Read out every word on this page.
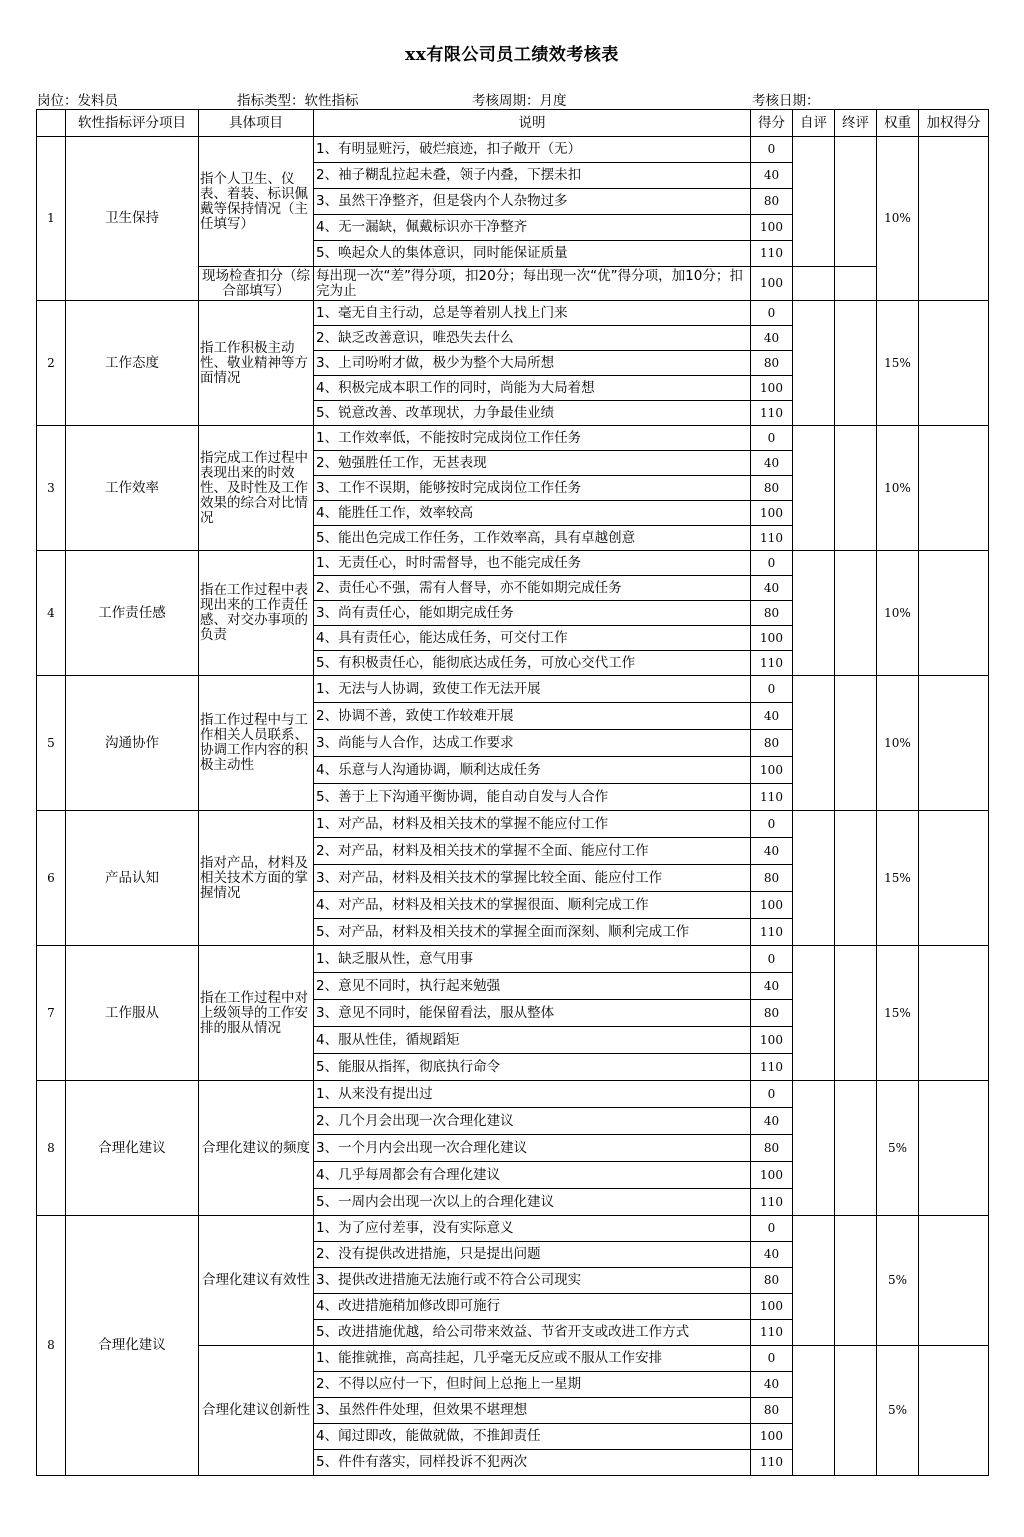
xx有限公司员工绩效考核表
岗位：发料员	指标类型：软性指标	考核周期：月度	考核日期：
	软性指标评分项目	具体项目	说明	得分	自评	终评	权重	加权得分
1	卫生保持	指个人卫生、仪表、着装、标识佩戴等保持情况（主任填写）	1、有明显赃污，破烂痕迹，扣子敞开（无）	0			10%	
			2、袖子糊乱拉起未叠，领子内叠，下摆未扣	40				
			3、虽然干净整齐，但是袋内个人杂物过多	80				
			4、无一漏缺，佩戴标识亦干净整齐	100				
			5、唤起众人的集体意识，同时能保证质量	110				
		现场检查扣分（综合部填写）	每出现一次“差”得分项，扣20分；每出现一次“优”得分项，加10分；扣完为止	100				
2	工作态度	指工作积极主动性、敬业精神等方面情况	1、毫无自主行动，总是等着别人找上门来	0			15%	
			2、缺乏改善意识，唯恐失去什么	40				
			3、上司吩咐才做，极少为整个大局所想	80				
			4、积极完成本职工作的同时，尚能为大局着想	100				
			5、锐意改善、改革现状，力争最佳业绩	110				
3	工作效率	指完成工作过程中表现出来的时效性、及时性及工作效果的综合对比情况	1、工作效率低，不能按时完成岗位工作任务	0			10%	
			2、勉强胜任工作，无甚表现	40				
			3、工作不误期，能够按时完成岗位工作任务	80				
			4、能胜任工作，效率较高	100				
			5、能出色完成工作任务，工作效率高，具有卓越创意	110				
4	工作责任感	指在工作过程中表现出来的工作责任感、对交办事项的负责	1、无责任心，时时需督导，也不能完成任务	0			10%	
			2、责任心不强，需有人督导，亦不能如期完成任务	40				
			3、尚有责任心，能如期完成任务	80				
			4、具有责任心，能达成任务，可交付工作	100				
			5、有积极责任心，能彻底达成任务，可放心交代工作	110				
5	沟通协作	指工作过程中与工作相关人员联系、协调工作内容的积极主动性	1、无法与人协调，致使工作无法开展	0			10%	
			2、协调不善，致使工作较难开展	40				
			3、尚能与人合作，达成工作要求	80				
			4、乐意与人沟通协调，顺利达成任务	100				
			5、善于上下沟通平衡协调，能自动自发与人合作	110				
6	产品认知	指对产品，材料及相关技术方面的掌握情况	1、对产品，材料及相关技术的掌握不能应付工作	0			15%	
			2、对产品，材料及相关技术的掌握不全面、能应付工作	40				
			3、对产品，材料及相关技术的掌握比较全面、能应付工作	80				
			4、对产品，材料及相关技术的掌握很面、顺利完成工作	100				
			5、对产品，材料及相关技术的掌握全面而深刻、顺利完成工作	110				
7	工作服从	指在工作过程中对上级领导的工作安排的服从情况	1、缺乏服从性，意气用事	0			15%	
			2、意见不同时，执行起来勉强	40				
			3、意见不同时，能保留看法，服从整体	80				
			4、服从性佳，循规蹈矩	100				
			5、能服从指挥，彻底执行命令	110				
8	合理化建议	合理化建议的频度	1、从来没有提出过	0			5%	
			2、几个月会出现一次合理化建议	40				
			3、一个月内会出现一次合理化建议	80				
			4、几乎每周都会有合理化建议	100				
			5、一周内会出现一次以上的合理化建议	110				
8	合理化建议	合理化建议有效性	1、为了应付差事，没有实际意义	0			5%	
			2、没有提供改进措施，只是提出问题	40				
			3、提供改进措施无法施行或不符合公司现实	80				
			4、改进措施稍加修改即可施行	100				
			5、改进措施优越，给公司带来效益、节省开支或改进工作方式	110				
		合理化建议创新性	1、能推就推，高高挂起，几乎毫无反应或不服从工作安排	0			5%	
			2、不得以应付一下，但时间上总拖上一星期	40				
			3、虽然件件处理，但效果不堪理想	80				
			4、闻过即改，能做就做，不推卸责任	100				
			5、件件有落实，同样投诉不犯两次	110				
